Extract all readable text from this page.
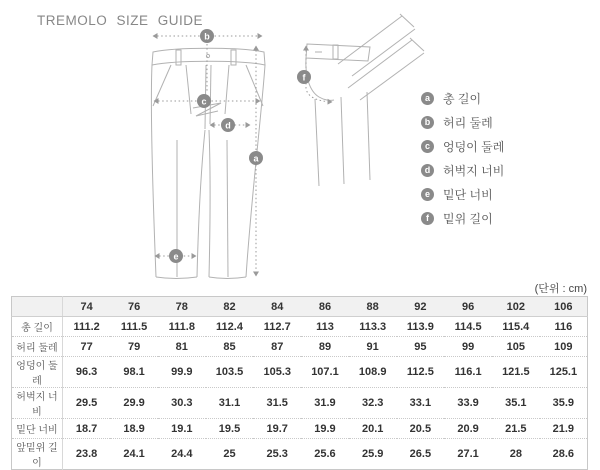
TREMOLO SIZE GUIDE
b
c
d
e
a
f
a	총 길이
b	허리 둘레
c	엉덩이 둘레
d	허벅지 너비
e	밑단 너비
f	밑위 길이
(단위 : cm)
	74	76	78	82	84	86	88	92	96	102	106
총 길이	111.2	111.5	111.8	112.4	112.7	113	113.3	113.9	114.5	115.4	116
허리 둘레	77	79	81	85	87	89	91	95	99	105	109
엉덩이 둘레	96.3	98.1	99.9	103.5	105.3	107.1	108.9	112.5	116.1	121.5	125.1
허벅지 너비	29.5	29.9	30.3	31.1	31.5	31.9	32.3	33.1	33.9	35.1	35.9
밑단 너비	18.7	18.9	19.1	19.5	19.7	19.9	20.1	20.5	20.9	21.5	21.9
앞밑위 길이	23.8	24.1	24.4	25	25.3	25.6	25.9	26.5	27.1	28	28.6
